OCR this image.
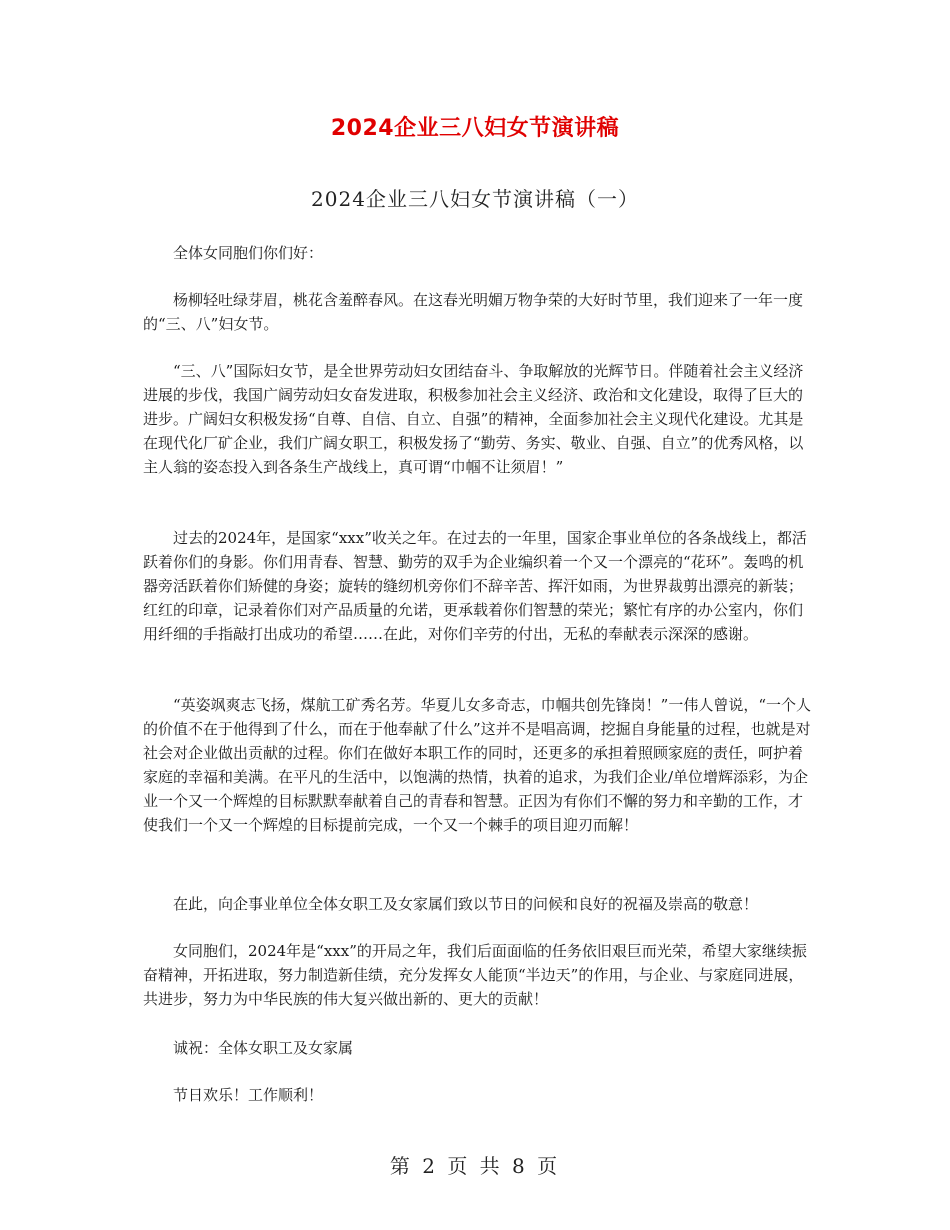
2024企业三八妇女节演讲稿
2024企业三八妇女节演讲稿（一）

全体女同胞们你们好：

杨柳轻吐绿芽眉，桃花含羞醉春风。在这春光明媚万物争荣的大好时节里，我们迎来了一年一度的“三、八”妇女节。

“三、八”国际妇女节，是全世界劳动妇女团结奋斗、争取解放的光辉节日。伴随着社会主义经济进展的步伐，我国广阔劳动妇女奋发进取，积极参加社会主义经济、政治和文化建设，取得了巨大的进步。广阔妇女积极发扬“自尊、自信、自立、自强”的精神，全面参加社会主义现代化建设。尤其是在现代化厂矿企业，我们广阔女职工，积极发扬了“勤劳、务实、敬业、自强、自立”的优秀风格，以主人翁的姿态投入到各条生产战线上，真可谓“巾帼不让须眉！”

过去的2024年，是国家“xxx”收关之年。在过去的一年里，国家企事业单位的各条战线上，都活跃着你们的身影。你们用青春、智慧、勤劳的双手为企业编织着一个又一个漂亮的“花环”。轰鸣的机器旁活跃着你们矫健的身姿；旋转的缝纫机旁你们不辞辛苦、挥汗如雨，为世界裁剪出漂亮的新装；红红的印章，记录着你们对产品质量的允诺，更承载着你们智慧的荣光；繁忙有序的办公室内，你们用纤细的手指敲打出成功的希望……在此，对你们辛劳的付出，无私的奉献表示深深的感谢。

“英姿飒爽志飞扬，煤航工矿秀名芳。华夏儿女多奇志，巾帼共创先锋岗！”一伟人曾说，“一个人的价值不在于他得到了什么，而在于他奉献了什么”这并不是唱高调，挖掘自身能量的过程，也就是对社会对企业做出贡献的过程。你们在做好本职工作的同时，还更多的承担着照顾家庭的责任，呵护着家庭的幸福和美满。在平凡的生活中，以饱满的热情，执着的追求，为我们企业/单位增辉添彩，为企业一个又一个辉煌的目标默默奉献着自己的青春和智慧。正因为有你们不懈的努力和辛勤的工作，才使我们一个又一个辉煌的目标提前完成，一个又一个棘手的项目迎刃而解！

在此，向企事业单位全体女职工及女家属们致以节日的问候和良好的祝福及崇高的敬意！

女同胞们，2024年是“xxx”的开局之年，我们后面面临的任务依旧艰巨而光荣，希望大家继续振奋精神，开拓进取，努力制造新佳绩，充分发挥女人能顶“半边天”的作用，与企业、与家庭同进展，共进步，努力为中华民族的伟大复兴做出新的、更大的贡献！

诚祝：全体女职工及女家属

节日欢乐！工作顺利！

第 2 页 共 8 页
